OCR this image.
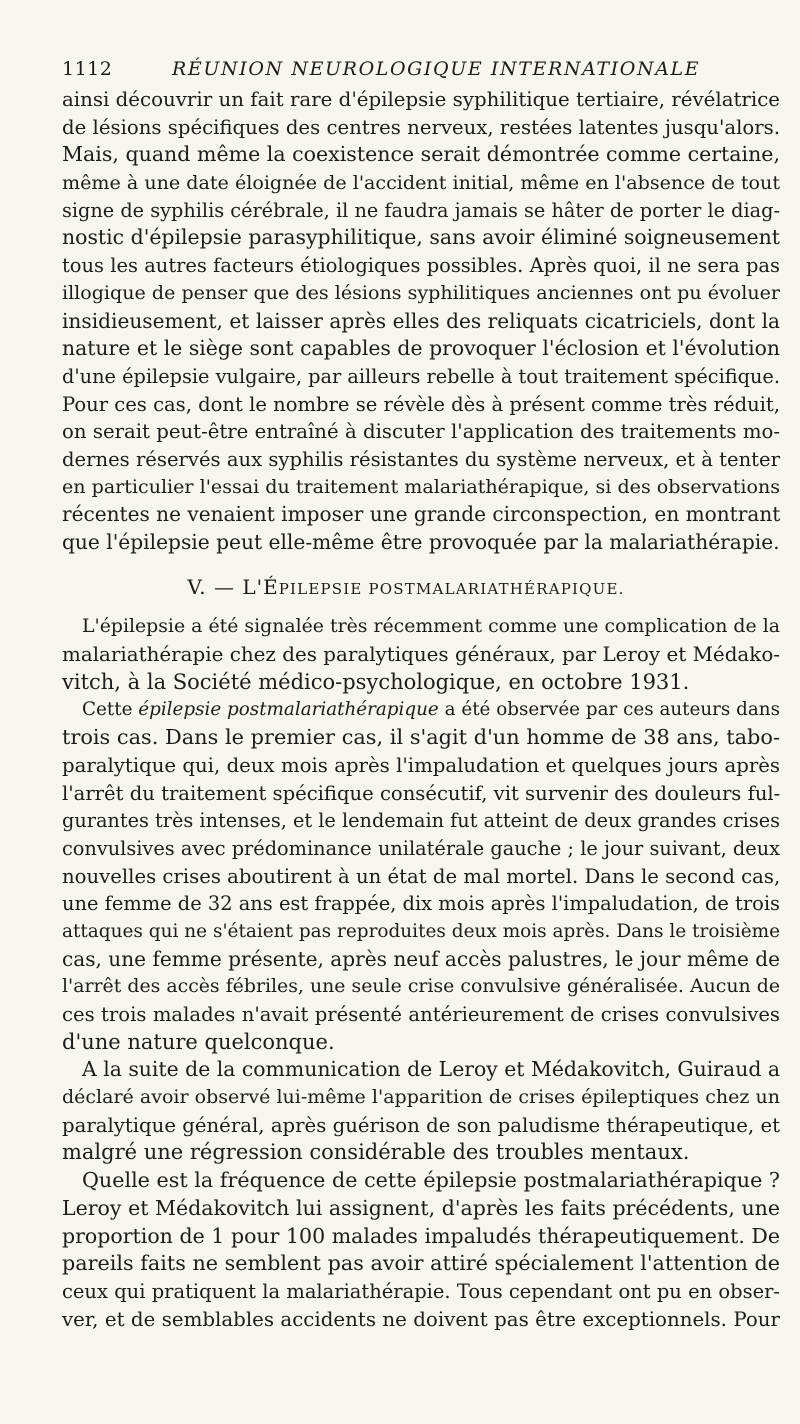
1112	RÉUNION NEUROLOGIQUE INTERNATIONALE
ainsi découvrir un fait rare d'épilepsie syphilitique tertiaire, révélatrice
de lésions spécifiques des centres nerveux, restées latentes jusqu'alors.
Mais, quand même la coexistence serait démontrée comme certaine,
même à une date éloignée de l'accident initial, même en l'absence de tout
signe de syphilis cérébrale, il ne faudra jamais se hâter de porter le diag-
nostic d'épilepsie parasyphilitique, sans avoir éliminé soigneusement
tous les autres facteurs étiologiques possibles. Après quoi, il ne sera pas
illogique de penser que des lésions syphilitiques anciennes ont pu évoluer
insidieusement, et laisser après elles des reliquats cicatriciels, dont la
nature et le siège sont capables de provoquer l'éclosion et l'évolution
d'une épilepsie vulgaire, par ailleurs rebelle à tout traitement spécifique.
Pour ces cas, dont le nombre se révèle dès à présent comme très réduit,
on serait peut-être entraîné à discuter l'application des traitements mo-
dernes réservés aux syphilis résistantes du système nerveux, et à tenter
en particulier l'essai du traitement malariathérapique, si des observations
récentes ne venaient imposer une grande circonspection, en montrant
que l'épilepsie peut elle-même être provoquée par la malariathérapie.
V. — L'ÉPILEPSIE POSTMALARIATHÉRAPIQUE.
L'épilepsie a été signalée très récemment comme une complication de la
malariathérapie chez des paralytiques généraux, par Leroy et Médako-
vitch, à la Société médico-psychologique, en octobre 1931.
Cette épilepsie postmalariathérapique a été observée par ces auteurs dans
trois cas. Dans le premier cas, il s'agit d'un homme de 38 ans, tabo-
paralytique qui, deux mois après l'impaludation et quelques jours après
l'arrêt du traitement spécifique consécutif, vit survenir des douleurs ful-
gurantes très intenses, et le lendemain fut atteint de deux grandes crises
convulsives avec prédominance unilatérale gauche ; le jour suivant, deux
nouvelles crises aboutirent à un état de mal mortel. Dans le second cas,
une femme de 32 ans est frappée, dix mois après l'impaludation, de trois
attaques qui ne s'étaient pas reproduites deux mois après. Dans le troisième
cas, une femme présente, après neuf accès palustres, le jour même de
l'arrêt des accès fébriles, une seule crise convulsive généralisée. Aucun de
ces trois malades n'avait présenté antérieurement de crises convulsives
d'une nature quelconque.
A la suite de la communication de Leroy et Médakovitch, Guiraud a
déclaré avoir observé lui-même l'apparition de crises épileptiques chez un
paralytique général, après guérison de son paludisme thérapeutique, et
malgré une régression considérable des troubles mentaux.
Quelle est la fréquence de cette épilepsie postmalariathérapique ?
Leroy et Médakovitch lui assignent, d'après les faits précédents, une
proportion de 1 pour 100 malades impaludés thérapeutiquement. De
pareils faits ne semblent pas avoir attiré spécialement l'attention de
ceux qui pratiquent la malariathérapie. Tous cependant ont pu en obser-
ver, et de semblables accidents ne doivent pas être exceptionnels. Pour
